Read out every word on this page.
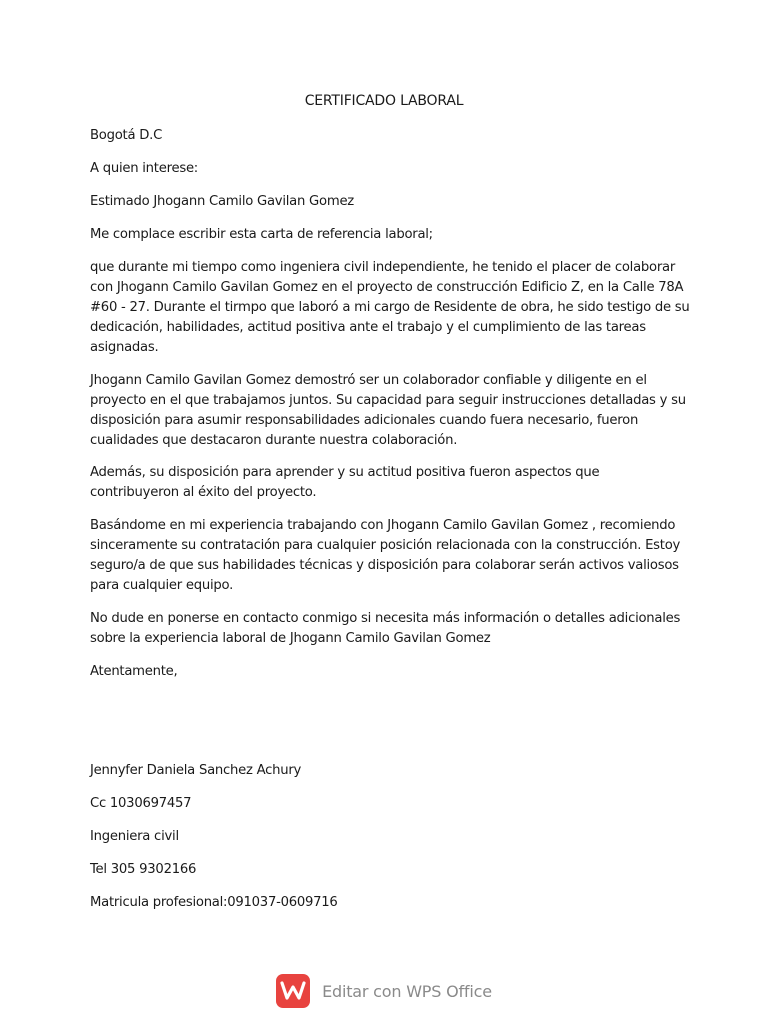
CERTIFICADO LABORAL

Bogotá D.C

A quien interese:

Estimado Jhogann Camilo Gavilan Gomez

Me complace escribir esta carta de referencia laboral;

que durante mi tiempo como ingeniera civil independiente, he tenido el placer de colaborar con Jhogann Camilo Gavilan Gomez en el proyecto de construcción Edificio Z, en la Calle 78A #60 - 27. Durante el tirmpo que laboró a mi cargo de Residente de obra, he sido testigo de su dedicación, habilidades, actitud positiva ante el trabajo y el cumplimiento de las tareas asignadas.

Jhogann Camilo Gavilan Gomez demostró ser un colaborador confiable y diligente en el proyecto en el que trabajamos juntos. Su capacidad para seguir instrucciones detalladas y su disposición para asumir responsabilidades adicionales cuando fuera necesario, fueron cualidades que destacaron durante nuestra colaboración.

Además, su disposición para aprender y su actitud positiva fueron aspectos que contribuyeron al éxito del proyecto.

Basándome en mi experiencia trabajando con Jhogann Camilo Gavilan Gomez , recomiendo sinceramente su contratación para cualquier posición relacionada con la construcción. Estoy seguro/a de que sus habilidades técnicas y disposición para colaborar serán activos valiosos para cualquier equipo.

No dude en ponerse en contacto conmigo si necesita más información o detalles adicionales sobre la experiencia laboral de Jhogann Camilo Gavilan Gomez

Atentamente,

Jennyfer Daniela Sanchez Achury

Cc 1030697457

Ingeniera civil

Tel 305 9302166

Matricula profesional:091037-0609716

Editar con WPS Office
